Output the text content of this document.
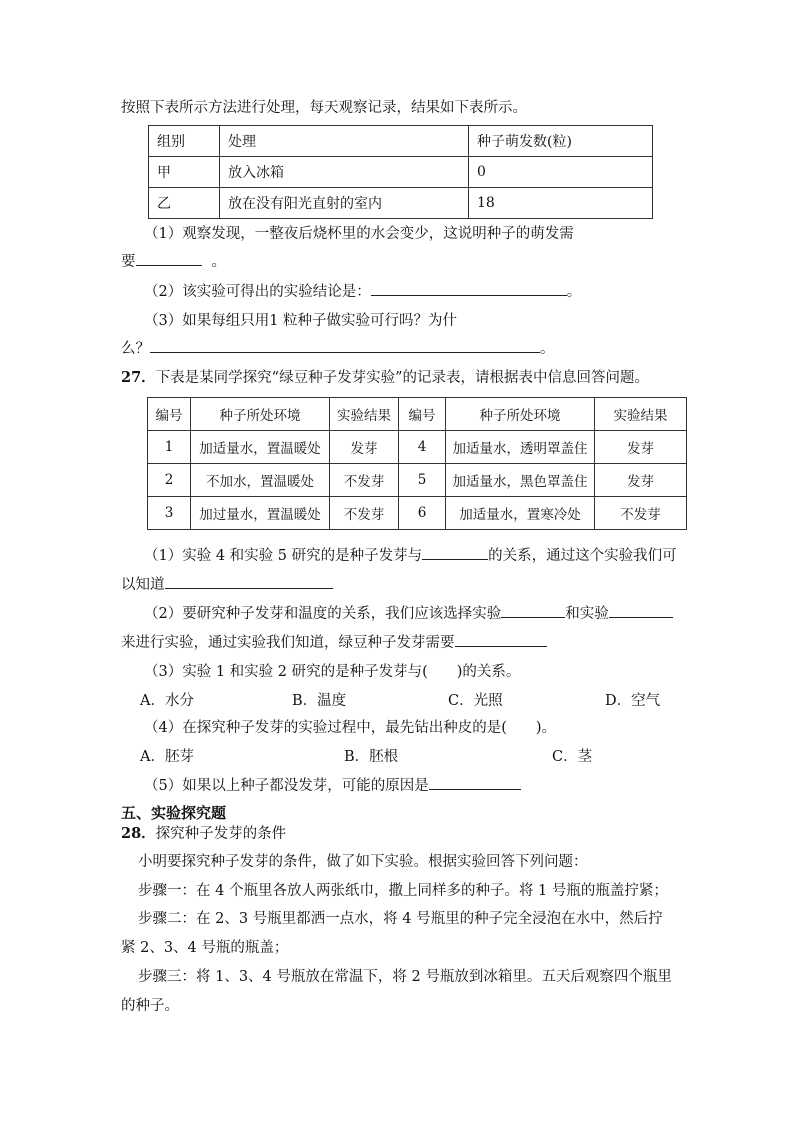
按照下表所示方法进行处理，每天观察记录，结果如下表所示。
组别	处理	种子萌发数(粒)
甲	放入冰箱	0
乙	放在没有阳光直射的室内	18
（1）观察发现，一整夜后烧杯里的水会变少，这说明种子的萌发需
要	。
（2）该实验可得出的实验结论是：	。
（3）如果每组只用1 粒种子做实验可行吗？为什
么？	。
27．下表是某同学探究“绿豆种子发芽实验”的记录表，请根据表中信息回答问题。
编号	种子所处环境	实验结果	编号	种子所处环境	实验结果
1	加适量水，置温暖处	发芽	4	加适量水，透明罩盖住	发芽
2	不加水，置温暖处	不发芽	5	加适量水，黑色罩盖住	发芽
3	加过量水，置温暖处	不发芽	6	加适量水，置寒冷处	不发芽
（1）实验 4 和实验 5 研究的是种子发芽与	的关系，通过这个实验我们可
以知道
（2）要研究种子发芽和温度的关系，我们应该选择实验	和实验
来进行实验，通过实验我们知道，绿豆种子发芽需要
（3）实验 1 和实验 2 研究的是种子发芽与(　　)的关系。
A．水分	B．温度	C．光照	D．空气
（4）在探究种子发芽的实验过程中，最先钻出种皮的是(　　)。
A．胚芽	B．胚根	C．茎
（5）如果以上种子都没发芽，可能的原因是
五、实验探究题
28．探究种子发芽的条件
小明要探究种子发芽的条件，做了如下实验。根据实验回答下列问题：
步骤一：在 4 个瓶里各放人两张纸巾，撒上同样多的种子。将 1 号瓶的瓶盖拧紧；
步骤二：在 2、3 号瓶里都洒一点水，将 4 号瓶里的种子完全浸泡在水中，然后拧
紧 2、3、4 号瓶的瓶盖；
步骤三：将 1、3、4 号瓶放在常温下，将 2 号瓶放到冰箱里。五天后观察四个瓶里
的种子。
